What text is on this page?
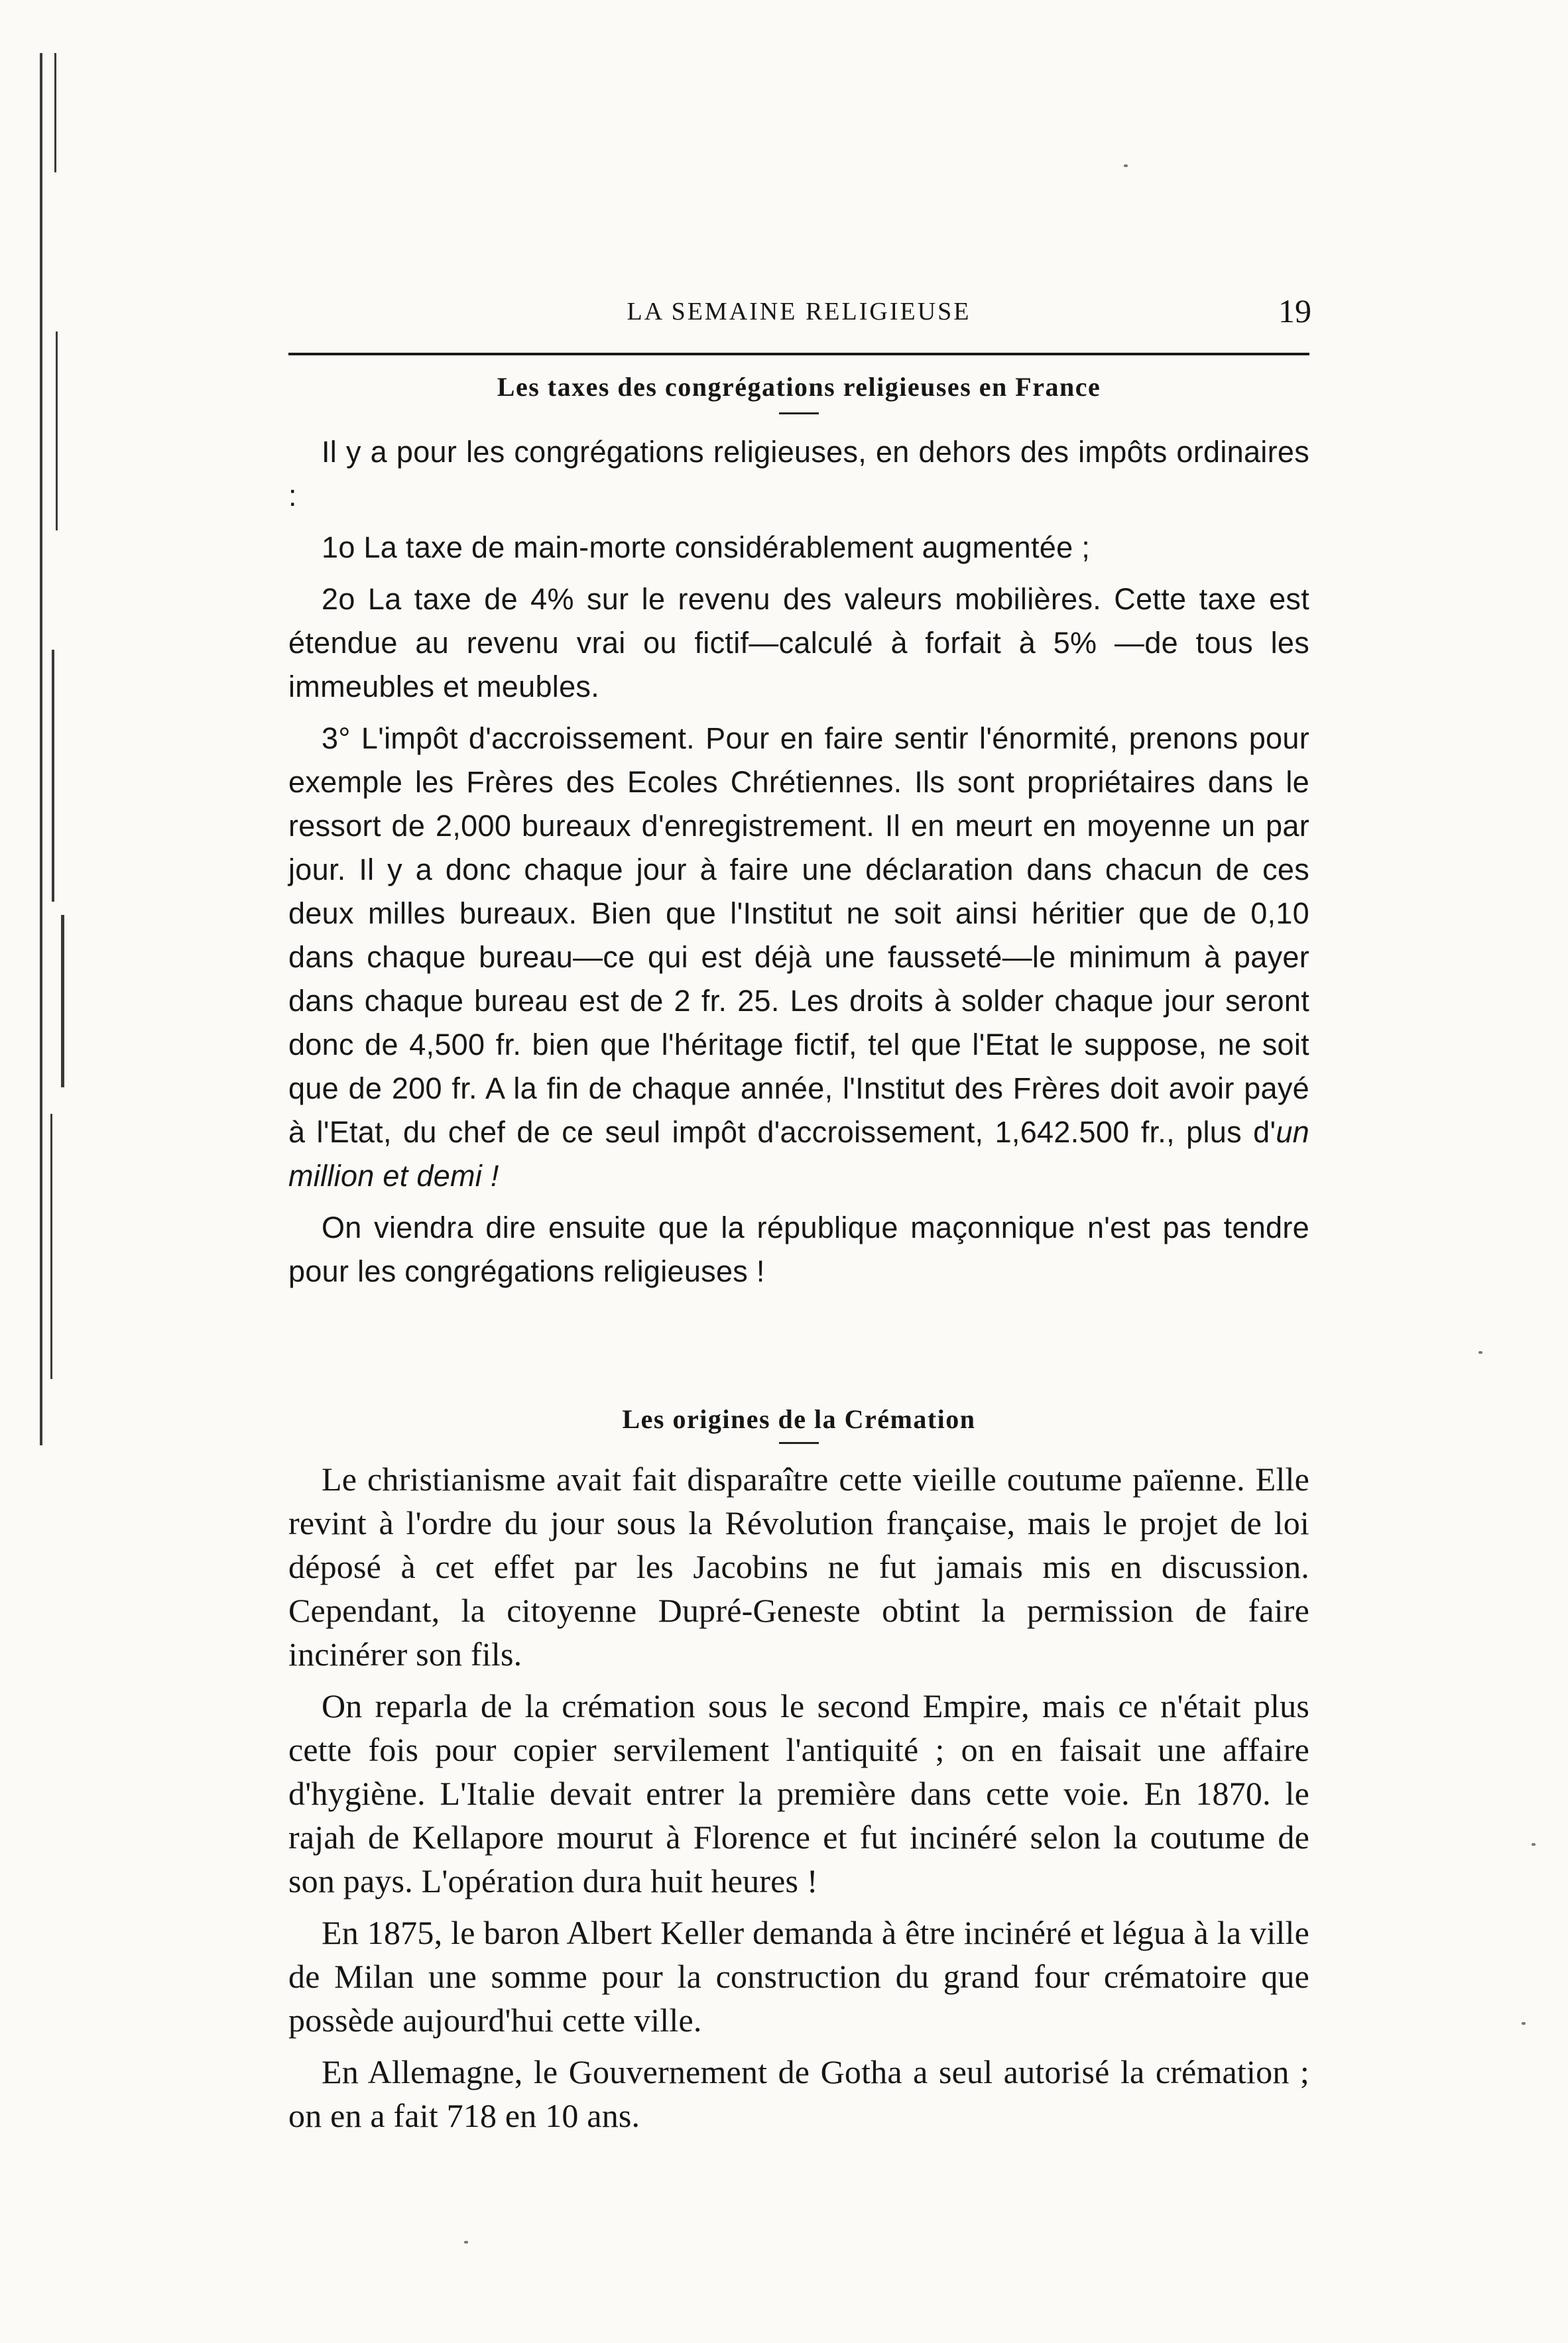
LA SEMAINE RELIGIEUSE	19
Les taxes des congrégations religieuses en France

Il y a pour les congrégations religieuses, en dehors des impôts ordinaires :

1o La taxe de main-morte considérablement augmentée ;

2o La taxe de 4% sur le revenu des valeurs mobilières. Cette taxe est étendue au revenu vrai ou fictif—calculé à forfait à 5% —de tous les immeubles et meubles.

3° L'impôt d'accroissement. Pour en faire sentir l'énormité, prenons pour exemple les Frères des Ecoles Chrétiennes. Ils sont propriétaires dans le ressort de 2,000 bureaux d'enregistrement. Il en meurt en moyenne un par jour. Il y a donc chaque jour à faire une déclaration dans chacun de ces deux milles bureaux. Bien que l'Institut ne soit ainsi héritier que de 0,10 dans chaque bureau—ce qui est déjà une fausseté—le minimum à payer dans chaque bureau est de 2 fr. 25. Les droits à solder chaque jour seront donc de 4,500 fr. bien que l'héritage fictif, tel que l'Etat le suppose, ne soit que de 200 fr. A la fin de chaque année, l'Institut des Frères doit avoir payé à l'Etat, du chef de ce seul impôt d'accroissement, 1,642.500 fr., plus d'un million et demi !

On viendra dire ensuite que la république maçonnique n'est pas tendre pour les congrégations religieuses !

Les origines de la Crémation

Le christianisme avait fait disparaître cette vieille coutume païenne. Elle revint à l'ordre du jour sous la Révolution française, mais le projet de loi déposé à cet effet par les Jacobins ne fut jamais mis en discussion. Cependant, la citoyenne Dupré-Geneste obtint la permission de faire incinérer son fils.

On reparla de la crémation sous le second Empire, mais ce n'était plus cette fois pour copier servilement l'antiquité ; on en faisait une affaire d'hygiène. L'Italie devait entrer la première dans cette voie. En 1870. le rajah de Kellapore mourut à Florence et fut incinéré selon la coutume de son pays. L'opération dura huit heures !

En 1875, le baron Albert Keller demanda à être incinéré et légua à la ville de Milan une somme pour la construction du grand four crématoire que possède aujourd'hui cette ville.

En Allemagne, le Gouvernement de Gotha a seul autorisé la crémation ; on en a fait 718 en 10 ans.
